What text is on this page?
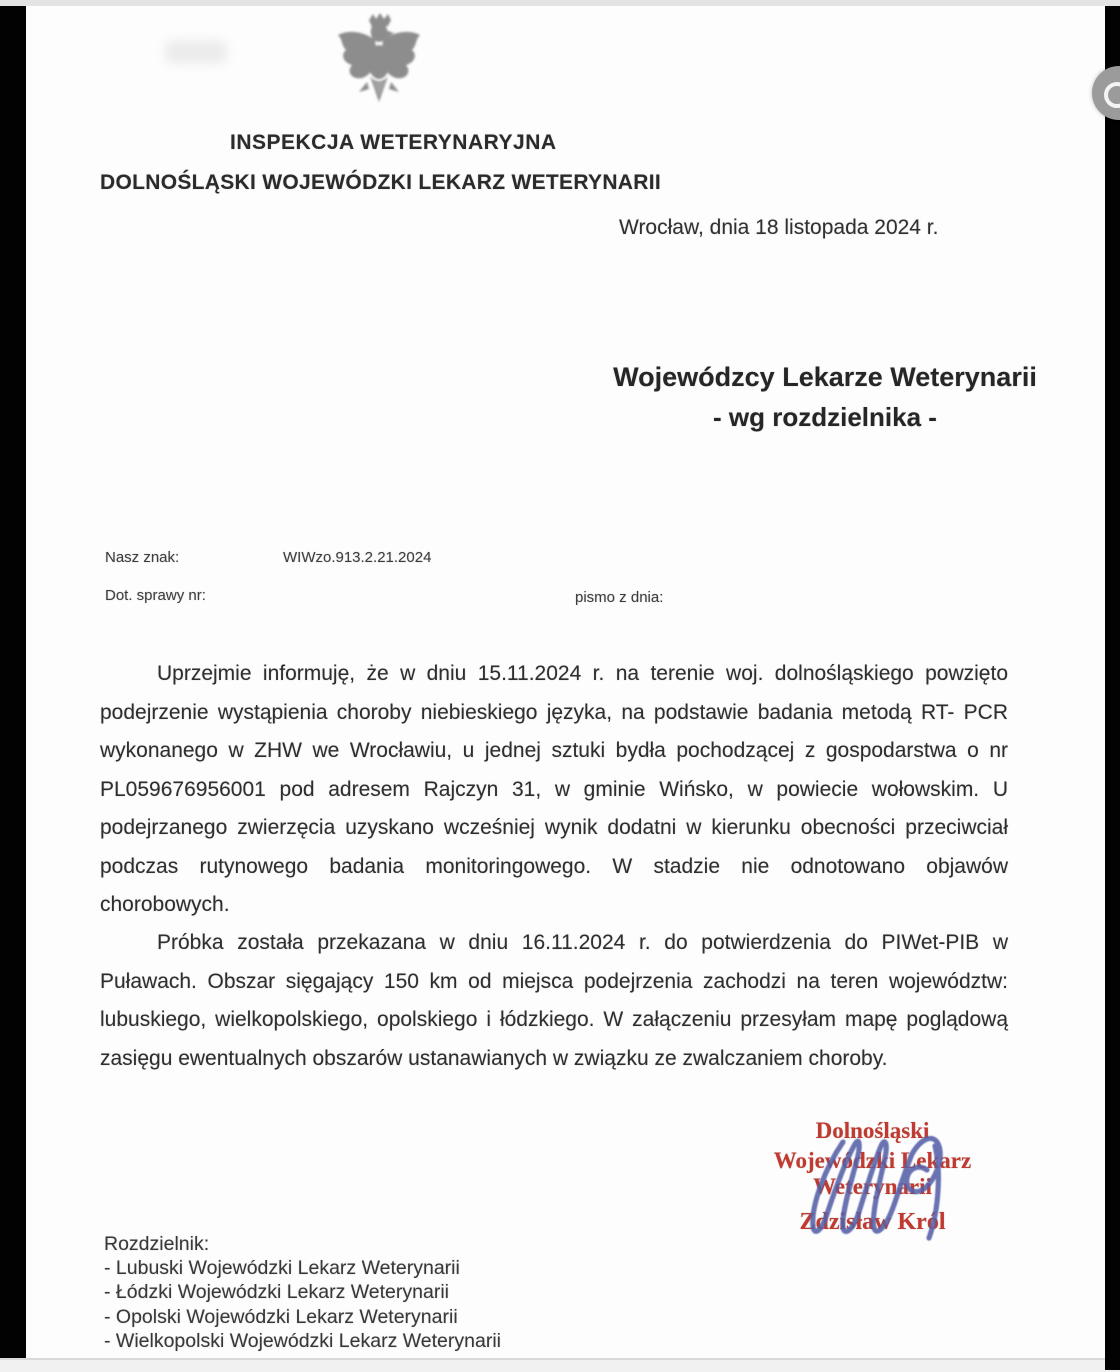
INSPEKCJA WETERYNARYJNA
DOLNOŚLĄSKI WOJEWÓDZKI LEKARZ WETERYNARII
Wrocław, dnia 18 listopada 2024 r.
Wojewódzcy Lekarze Weterynarii
- wg rozdzielnika -
Nasz znak:	WIWzo.913.2.21.2024
Dot. sprawy nr:	pismo z dnia:
Uprzejmie informuję, że w dniu 15.11.2024 r. na terenie woj. dolnośląskiego powzięto podejrzenie wystąpienia choroby niebieskiego języka, na podstawie badania metodą RT- PCR wykonanego w ZHW we Wrocławiu, u jednej sztuki bydła pochodzącej z gospodarstwa o nr PL059676956001 pod adresem Rajczyn 31, w gminie Wińsko, w powiecie wołowskim. U podejrzanego zwierzęcia uzyskano wcześniej wynik dodatni w kierunku obecności przeciwciał podczas rutynowego badania monitoringowego. W stadzie nie odnotowano objawów chorobowych.
Próbka została przekazana w dniu 16.11.2024 r. do potwierdzenia do PIWet-PIB w Puławach. Obszar sięgający 150 km od miejsca podejrzenia zachodzi na teren województw: lubuskiego, wielkopolskiego, opolskiego i łódzkiego. W załączeniu przesyłam mapę poglądową zasięgu ewentualnych obszarów ustanawianych w związku ze zwalczaniem choroby.
Dolnośląski
Wojewódzki Lekarz Weterynarii
Zdzisław Król
Rozdzielnik:
- Lubuski Wojewódzki Lekarz Weterynarii
- Łódzki Wojewódzki Lekarz Weterynarii
- Opolski Wojewódzki Lekarz Weterynarii
- Wielkopolski Wojewódzki Lekarz Weterynarii
